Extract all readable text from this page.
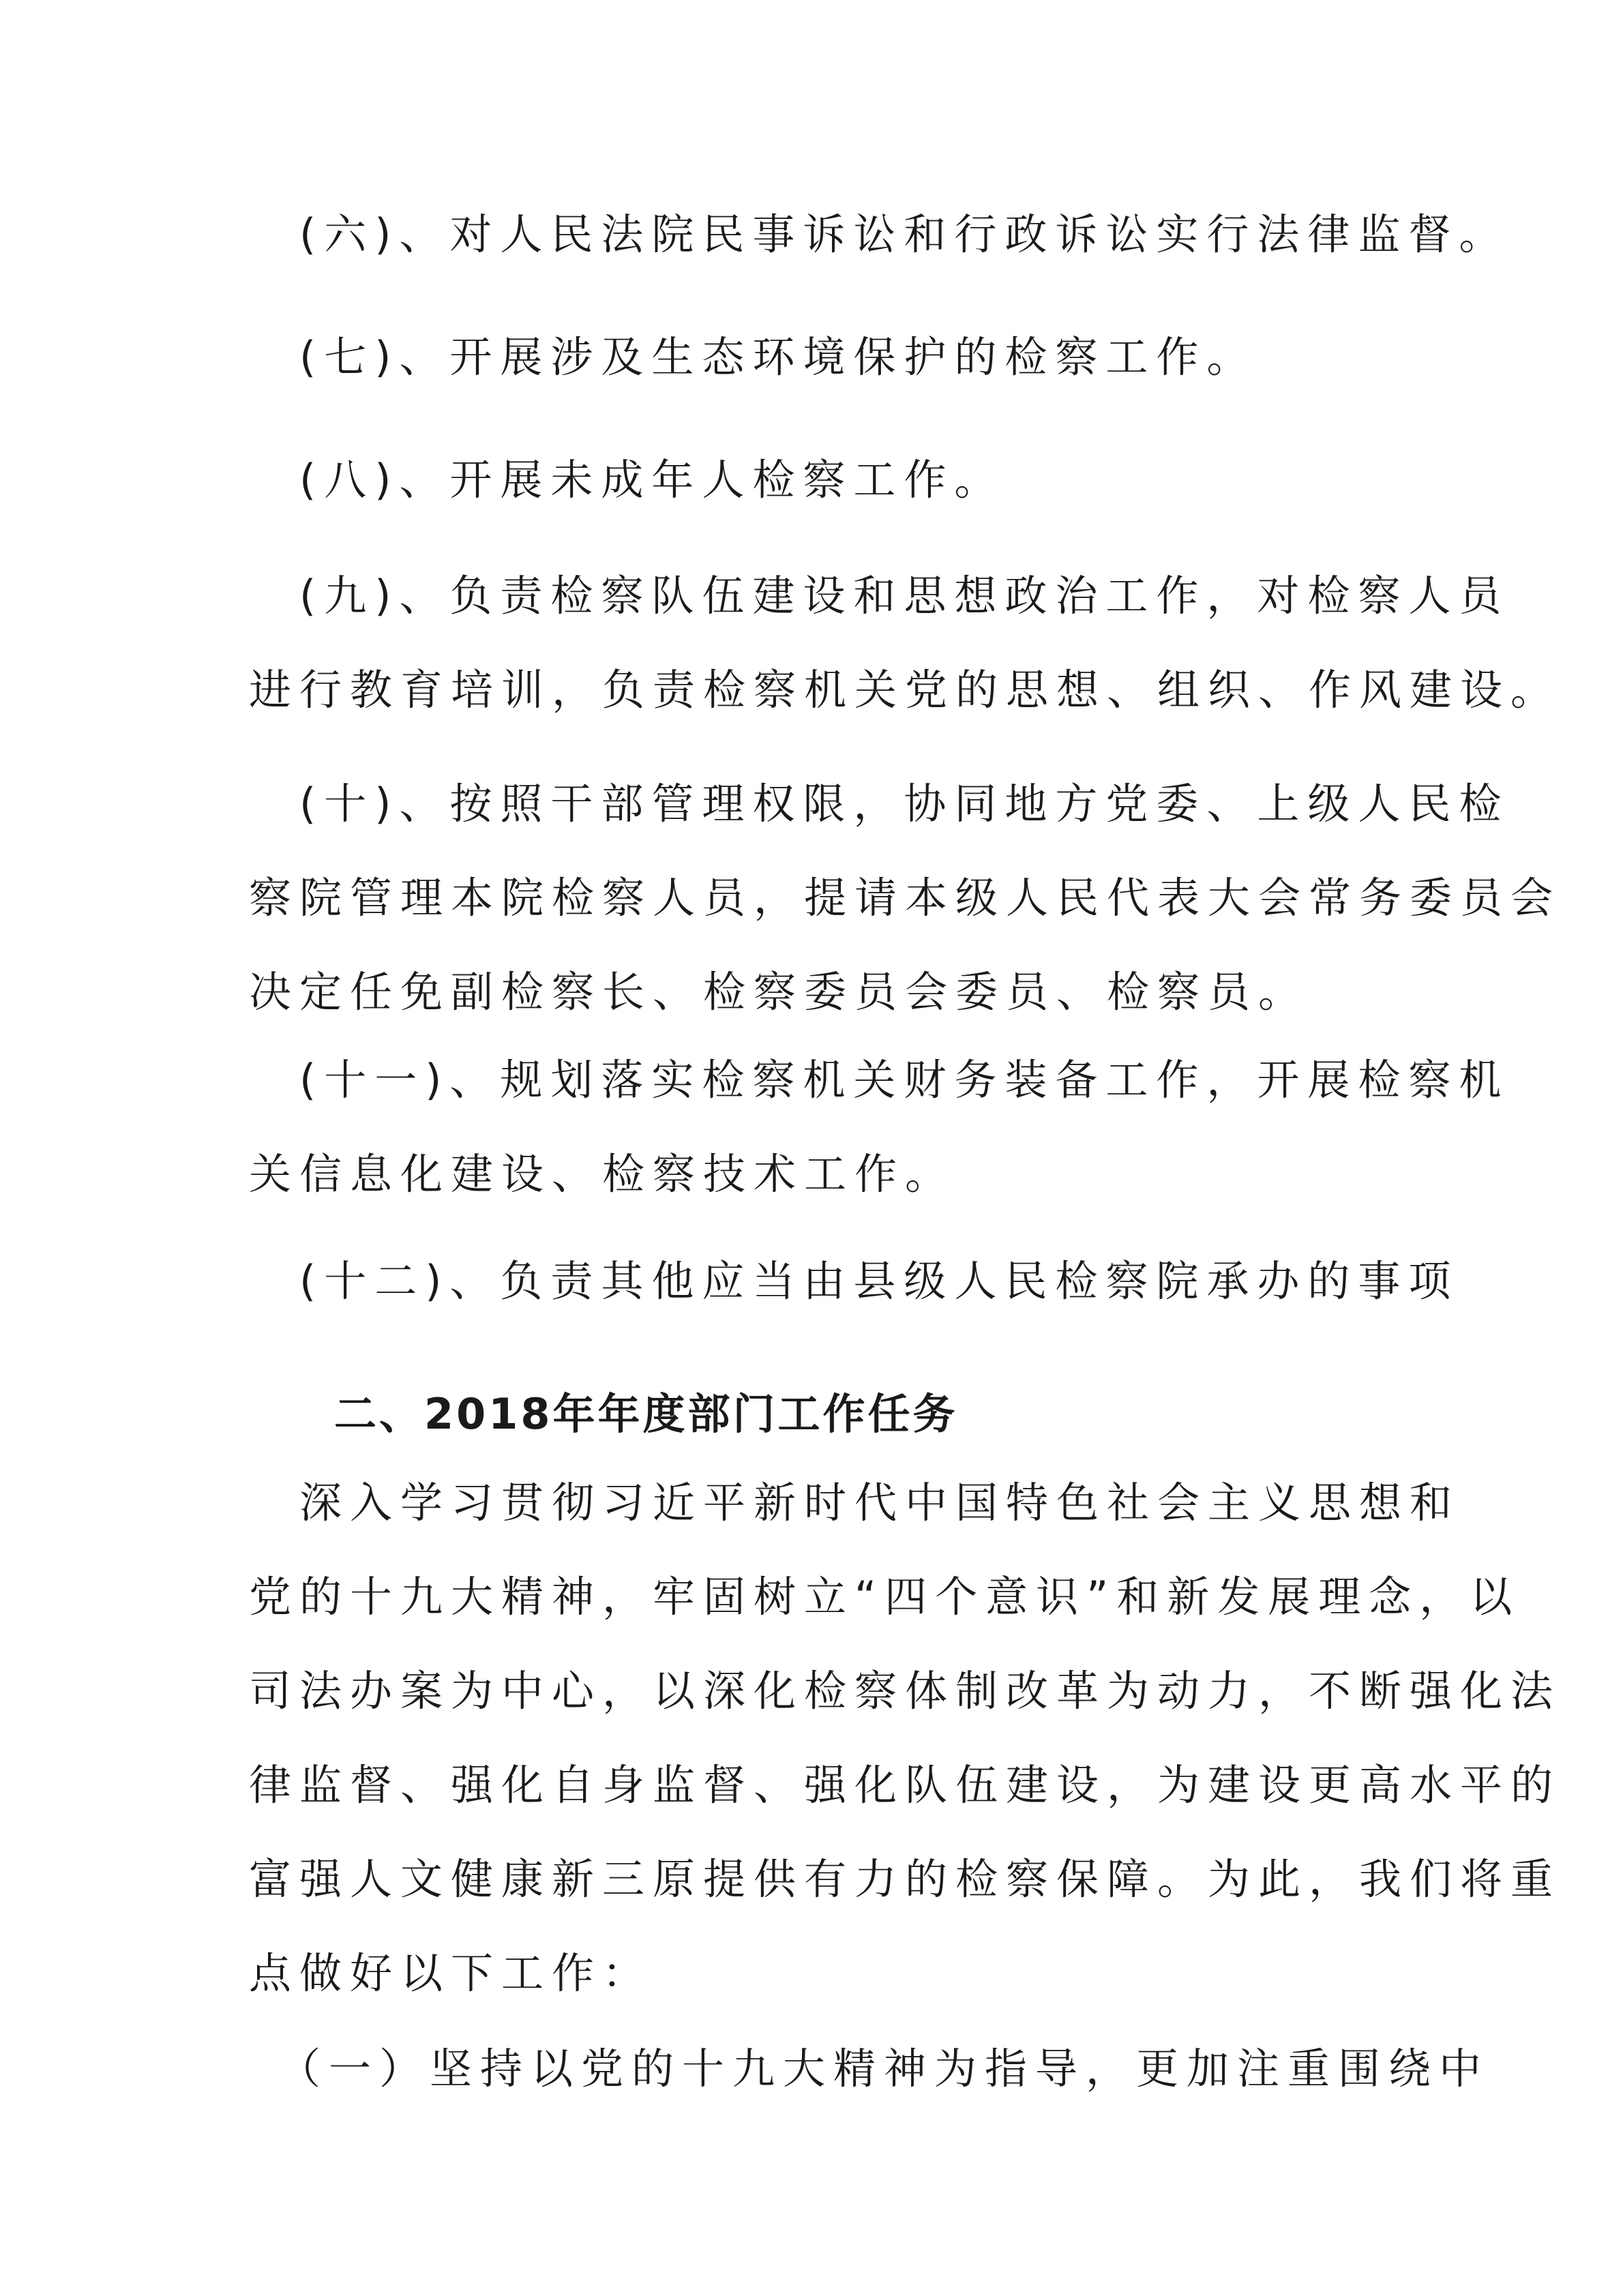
　(六)、对人民法院民事诉讼和行政诉讼实行法律监督。
　(七)、开展涉及生态环境保护的检察工作。
　(八)、开展未成年人检察工作。
　(九)、负责检察队伍建设和思想政治工作，对检察人员
进行教育培训，负责检察机关党的思想、组织、作风建设。
　(十)、按照干部管理权限，协同地方党委、上级人民检
察院管理本院检察人员，提请本级人民代表大会常务委员会
决定任免副检察长、检察委员会委员、检察员。
　(十一)、规划落实检察机关财务装备工作，开展检察机
关信息化建设、检察技术工作。
　(十二)、负责其他应当由县级人民检察院承办的事项
二、2018年年度部门工作任务
　深入学习贯彻习近平新时代中国特色社会主义思想和
党的十九大精神，牢固树立“四个意识”和新发展理念，以
司法办案为中心，以深化检察体制改革为动力，不断强化法
律监督、强化自身监督、强化队伍建设，为建设更高水平的
富强人文健康新三原提供有力的检察保障。为此，我们将重
点做好以下工作：
　（一）坚持以党的十九大精神为指导，更加注重围绕中
